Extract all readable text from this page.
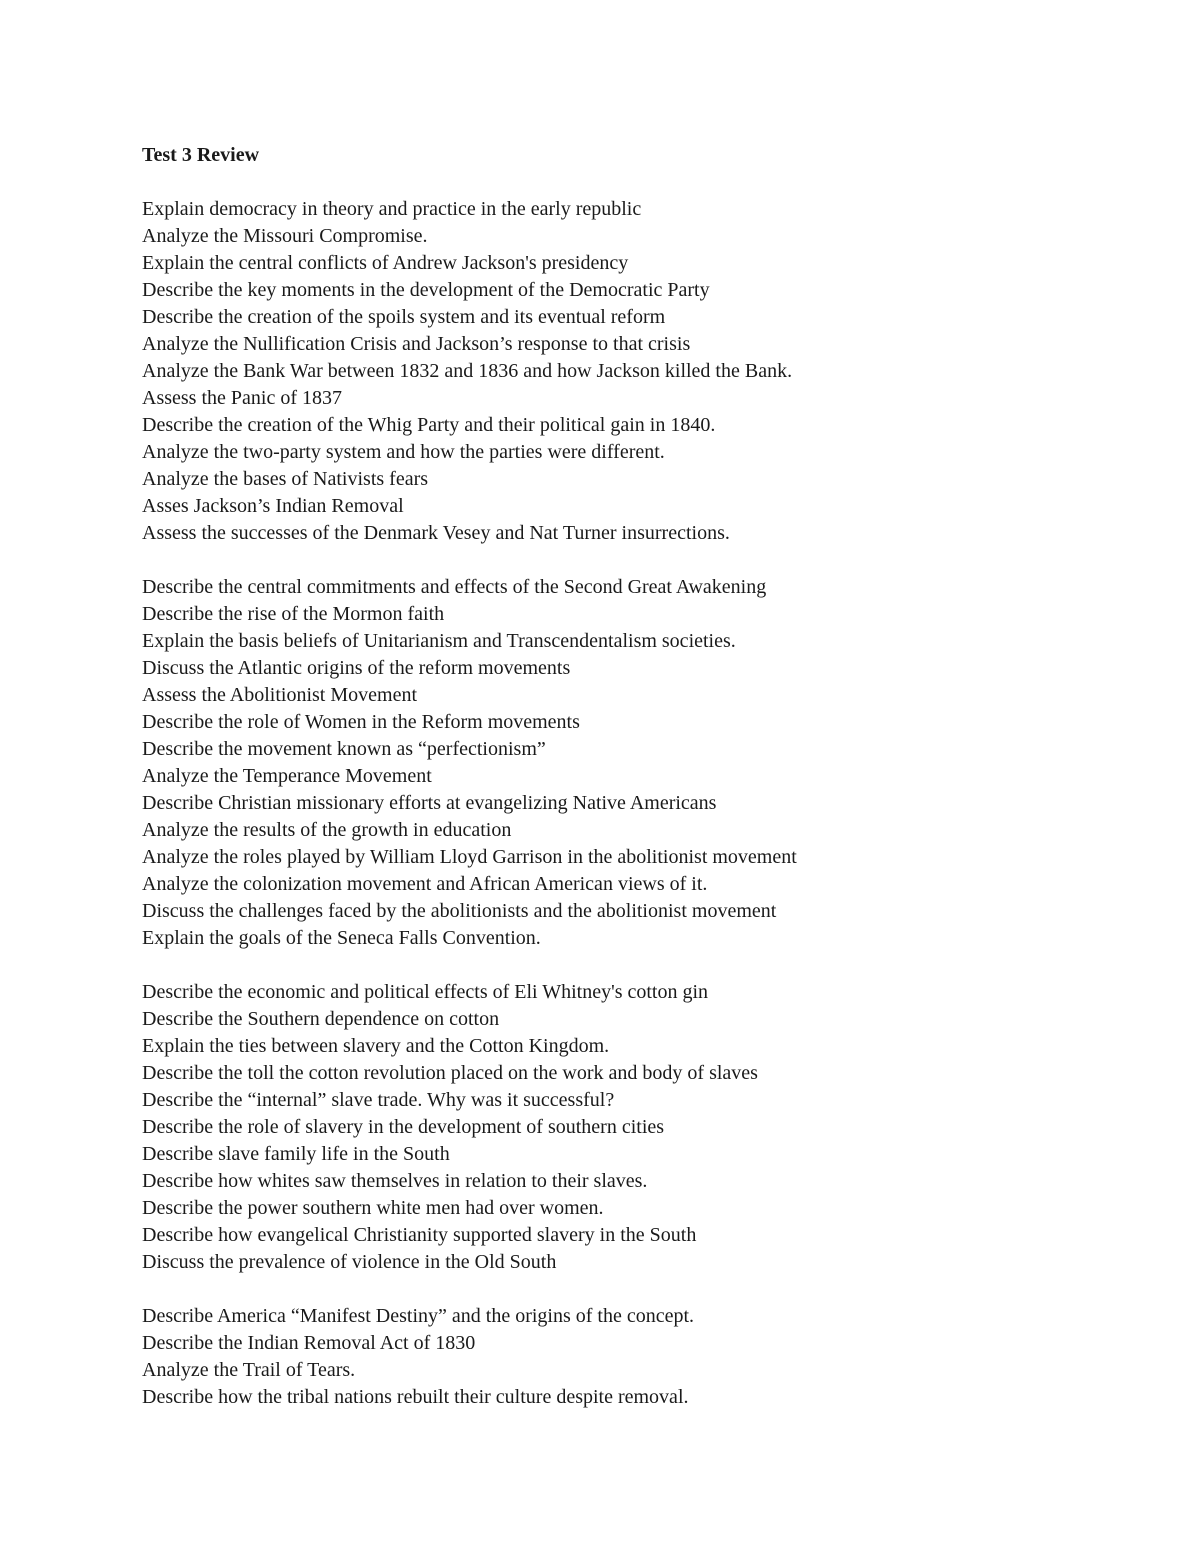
Test 3 Review
Explain democracy in theory and practice in the early republic
Analyze the Missouri Compromise.
Explain the central conflicts of Andrew Jackson's presidency
Describe the key moments in the development of the Democratic Party
Describe the creation of the spoils system and its eventual reform
Analyze the Nullification Crisis and Jackson’s response to that crisis
Analyze the Bank War between 1832 and 1836 and how Jackson killed the Bank.
Assess the Panic of 1837
Describe the creation of the Whig Party and their political gain in 1840.
Analyze the two-party system and how the parties were different.
Analyze the bases of Nativists fears
Asses Jackson’s Indian Removal
Assess the successes of the Denmark Vesey and Nat Turner insurrections.
Describe the central commitments and effects of the Second Great Awakening
Describe the rise of the Mormon faith
Explain the basis beliefs of Unitarianism and Transcendentalism societies.
Discuss the Atlantic origins of the reform movements
Assess the Abolitionist Movement
Describe the role of Women in the Reform movements
Describe the movement known as “perfectionism”
Analyze the Temperance Movement
Describe Christian missionary efforts at evangelizing Native Americans
Analyze the results of the growth in education
Analyze the roles played by William Lloyd Garrison in the abolitionist movement
Analyze the colonization movement and African American views of it.
Discuss the challenges faced by the abolitionists and the abolitionist movement
Explain the goals of the Seneca Falls Convention.
Describe the economic and political effects of Eli Whitney's cotton gin
Describe the Southern dependence on cotton
Explain the ties between slavery and the Cotton Kingdom.
Describe the toll the cotton revolution placed on the work and body of slaves
Describe the “internal” slave trade. Why was it successful?
Describe the role of slavery in the development of southern cities
Describe slave family life in the South
Describe how whites saw themselves in relation to their slaves.
Describe the power southern white men had over women.
Describe how evangelical Christianity supported slavery in the South
Discuss the prevalence of violence in the Old South
Describe America “Manifest Destiny” and the origins of the concept.
Describe the Indian Removal Act of 1830
Analyze the Trail of Tears.
Describe how the tribal nations rebuilt their culture despite removal.
